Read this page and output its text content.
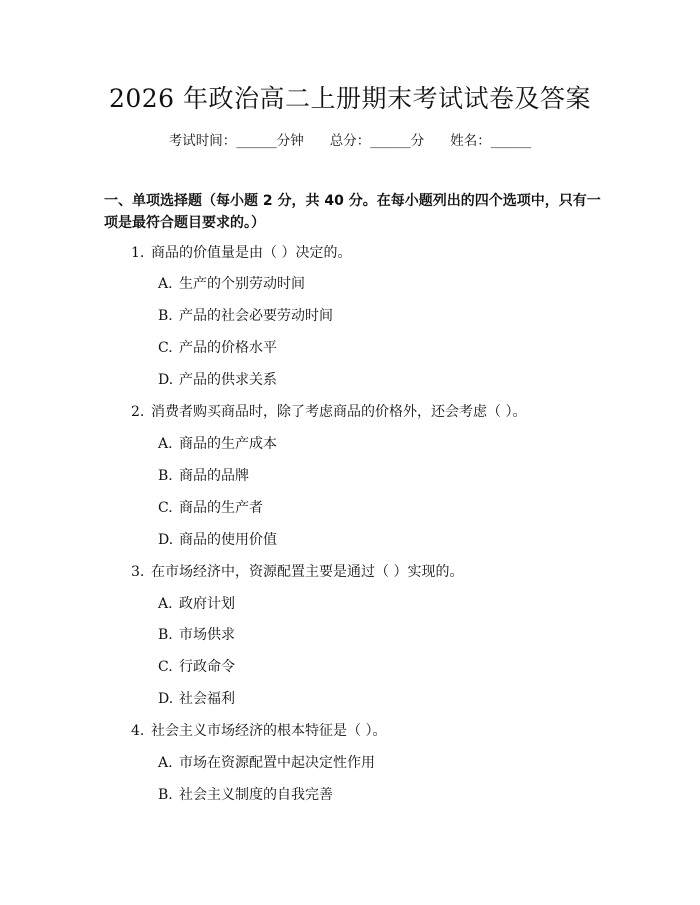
2026 年政治高二上册期末考试试卷及答案
考试时间：______分钟 总分：______分 姓名：______
一、单项选择题（每小题 2 分，共 40 分。在每小题列出的四个选项中，只有一项是最符合题目要求的。）
1. 商品的价值量是由（ ）决定的。
A. 生产的个别劳动时间
B. 产品的社会必要劳动时间
C. 产品的价格水平
D. 产品的供求关系
2. 消费者购买商品时，除了考虑商品的价格外，还会考虑（ ）。
A. 商品的生产成本
B. 商品的品牌
C. 商品的生产者
D. 商品的使用价值
3. 在市场经济中，资源配置主要是通过（ ）实现的。
A. 政府计划
B. 市场供求
C. 行政命令
D. 社会福利
4. 社会主义市场经济的根本特征是（ ）。
A. 市场在资源配置中起决定性作用
B. 社会主义制度的自我完善
